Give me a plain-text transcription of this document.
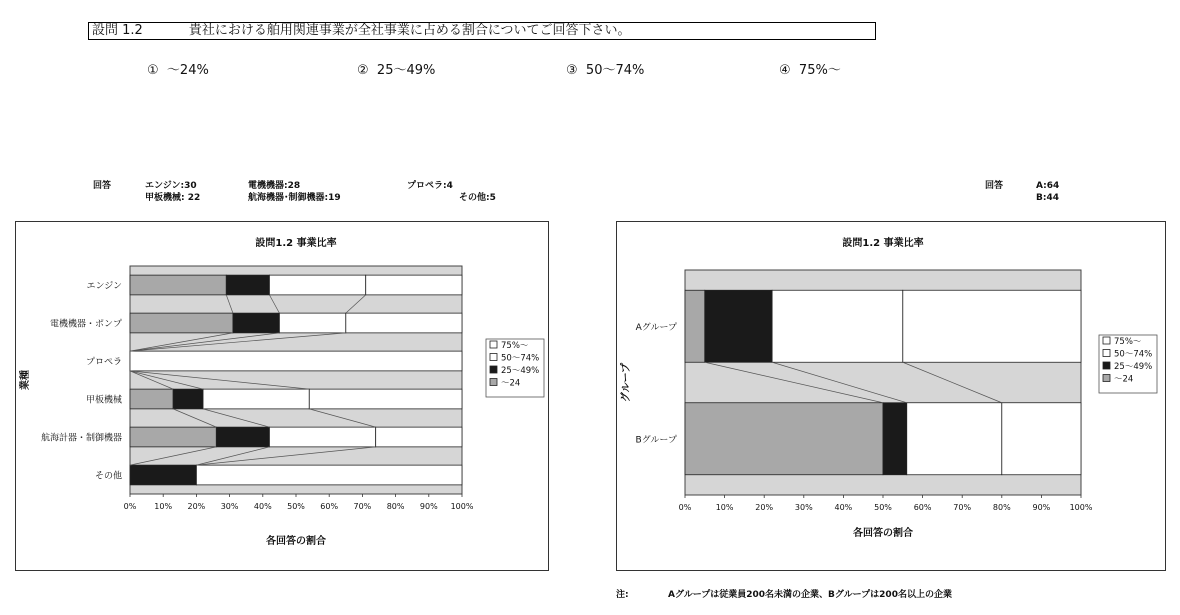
設問 1.2	貴社における舶用関連事業が全社事業に占める割合についてご回答下さい。
① 〜24%	② 25〜49%	③ 50〜74%	④ 75%〜
回答	エンジン:30	電機機器:28	プロペラ:4
甲板機械: 22	航海機器･制御機器:19	その他:5
回答	A:64
B:44
設問1.2 事業比率
エンジン
電機機器・ポンプ
プロペラ
甲板機械
航海計器・制御機器
その他
0% 10% 20% 30% 40% 50% 60% 70% 80% 90% 100%
各回答の割合
業種
75%〜
50〜74%
25〜49%
〜24
設問1.2 事業比率
Aグループ
Bグループ
0%	10%	20%	30%	40%	50%	60%	70%	80%	90% 100%
各回答の割合
グループ
75%〜
50〜74%
25〜49%
〜24
注:	Aグループは従業員200名未満の企業、Bグループは200名以上の企業
